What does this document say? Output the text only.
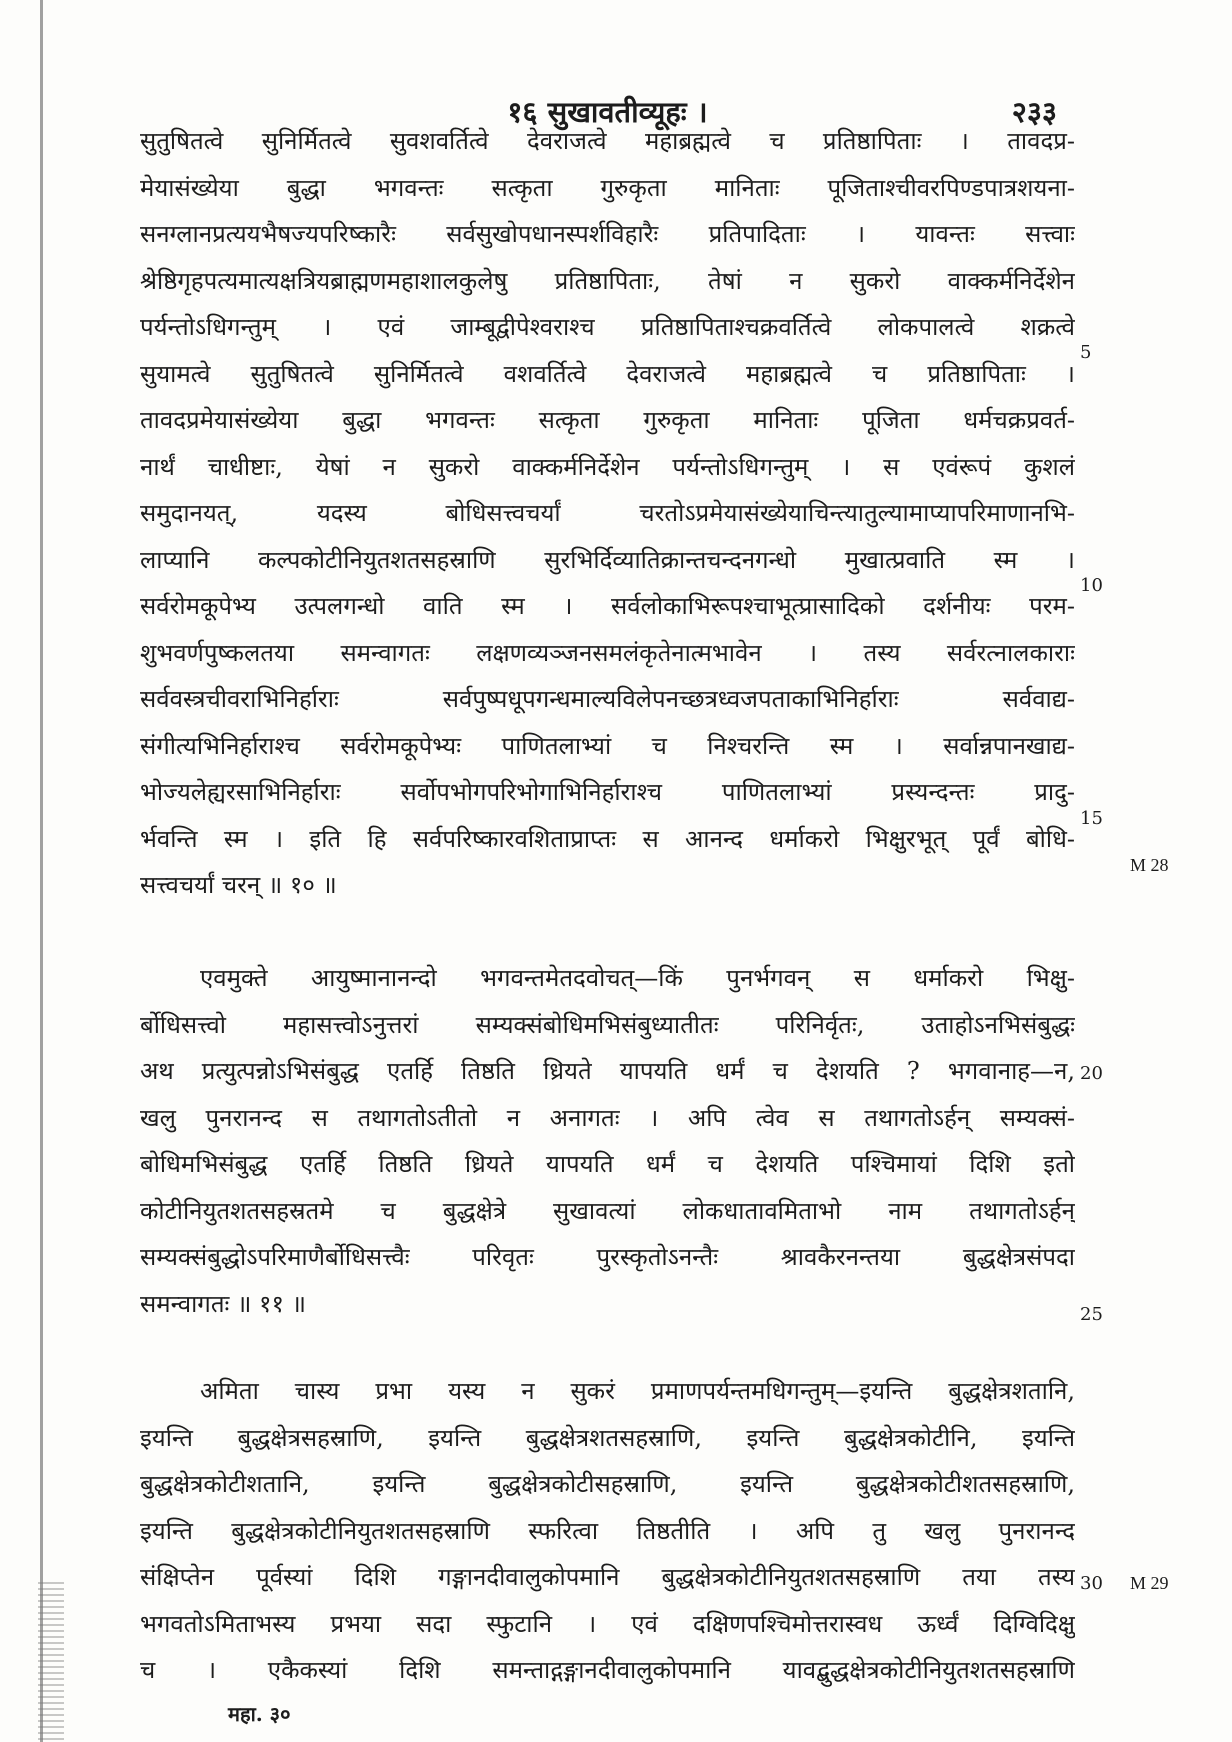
१६ सुखावतीव्यूहः ।	२३३
सुतुषितत्वे सुनिर्मितत्वे सुवशवर्तित्वे देवराजत्वे महाब्रह्मत्वे च प्रतिष्ठापिताः । तावदप्र-
मेयासंख्येया बुद्धा भगवन्तः सत्कृता गुरुकृता मानिताः पूजिताश्चीवरपिण्डपात्रशयना-
सनग्लानप्रत्ययभैषज्यपरिष्कारैः सर्वसुखोपधानस्पर्शविहारैः प्रतिपादिताः । यावन्तः सत्त्वाः
श्रेष्ठिगृहपत्यमात्यक्षत्रियब्राह्मणमहाशालकुलेषु प्रतिष्ठापिताः, तेषां न सुकरो वाक्कर्मनिर्देशेन
पर्यन्तोऽधिगन्तुम् । एवं जाम्बूद्वीपेश्वराश्च प्रतिष्ठापिताश्चक्रवर्तित्वे लोकपालत्वे शक्रत्वे
सुयामत्वे सुतुषितत्वे सुनिर्मितत्वे वशवर्तित्वे देवराजत्वे महाब्रह्मत्वे च प्रतिष्ठापिताः ।
तावदप्रमेयासंख्येया बुद्धा भगवन्तः सत्कृता गुरुकृता मानिताः पूजिता धर्मचक्रप्रवर्त-
नार्थं चाधीष्टाः, येषां न सुकरो वाक्कर्मनिर्देशेन पर्यन्तोऽधिगन्तुम् । स एवंरूपं कुशलं
समुदानयत्, यदस्य बोधिसत्त्वचर्यां चरतोऽप्रमेयासंख्येयाचिन्त्यातुल्यामाप्यापरिमाणानभि-
लाप्यानि कल्पकोटीनियुतशतसहस्राणि सुरभिर्दिव्यातिक्रान्तचन्दनगन्धो मुखात्प्रवाति स्म ।
सर्वरोमकूपेभ्य उत्पलगन्धो वाति स्म । सर्वलोकाभिरूपश्चाभूत्प्रासादिको दर्शनीयः परम-
शुभवर्णपुष्कलतया समन्वागतः लक्षणव्यञ्जनसमलंकृतेनात्मभावेन । तस्य सर्वरत्नालकाराः
सर्ववस्त्रचीवराभिनिर्हाराः सर्वपुष्पधूपगन्धमाल्यविलेपनच्छत्रध्वजपताकाभिनिर्हाराः सर्ववाद्य-
संगीत्यभिनिर्हाराश्च सर्वरोमकूपेभ्यः पाणितलाभ्यां च निश्चरन्ति स्म । सर्वान्नपानखाद्य-
भोज्यलेह्यरसाभिनिर्हाराः सर्वोपभोगपरिभोगाभिनिर्हाराश्च पाणितलाभ्यां प्रस्यन्दन्तः प्रादु-
र्भवन्ति स्म । इति हि सर्वपरिष्कारवशिताप्राप्तः स आनन्द धर्माकरो भिक्षुरभूत् पूर्वं बोधि-
सत्त्वचर्यां चरन् ॥ १० ॥
एवमुक्ते आयुष्मानानन्दो भगवन्तमेतदवोचत्—किं पुनर्भगवन् स धर्माकरो भिक्षु-
र्बोधिसत्त्वो महासत्त्वोऽनुत्तरां सम्यक्संबोधिमभिसंबुध्यातीतः परिनिर्वृतः, उताहोऽनभिसंबुद्धः
अथ प्रत्युत्पन्नोऽभिसंबुद्ध एतर्हि तिष्ठति ध्रियते यापयति धर्मं च देशयति ? भगवानाह—न,
खलु पुनरानन्द स तथागतोऽतीतो न अनागतः । अपि त्वेव स तथागतोऽर्हन् सम्यक्सं-
बोधिमभिसंबुद्ध एतर्हि तिष्ठति ध्रियते यापयति धर्मं च देशयति पश्चिमायां दिशि इतो
कोटीनियुतशतसहस्रतमे च बुद्धक्षेत्रे सुखावत्यां लोकधातावमिताभो नाम तथागतोऽर्हन्
सम्यक्संबुद्धोऽपरिमाणैर्बोधिसत्त्वैः परिवृतः पुरस्कृतोऽनन्तैः श्रावकैरनन्तया बुद्धक्षेत्रसंपदा
समन्वागतः ॥ ११ ॥
अमिता चास्य प्रभा यस्य न सुकरं प्रमाणपर्यन्तमधिगन्तुम्—इयन्ति बुद्धक्षेत्रशतानि,
इयन्ति बुद्धक्षेत्रसहस्राणि, इयन्ति बुद्धक्षेत्रशतसहस्राणि, इयन्ति बुद्धक्षेत्रकोटीनि, इयन्ति
बुद्धक्षेत्रकोटीशतानि, इयन्ति बुद्धक्षेत्रकोटीसहस्राणि, इयन्ति बुद्धक्षेत्रकोटीशतसहस्राणि,
इयन्ति बुद्धक्षेत्रकोटीनियुतशतसहस्राणि स्फरित्वा तिष्ठतीति । अपि तु खलु पुनरानन्द
संक्षिप्तेन पूर्वस्यां दिशि गङ्गानदीवालुकोपमानि बुद्धक्षेत्रकोटीनियुतशतसहस्राणि तया तस्य
भगवतोऽमिताभस्य प्रभया सदा स्फुटानि । एवं दक्षिणपश्चिमोत्तरास्वध ऊर्ध्वं दिग्विदिक्षु
च । एकैकस्यां दिशि समन्ताद्गङ्गानदीवालुकोपमानि यावद्बुद्धक्षेत्रकोटीनियुतशतसहस्राणि
5
10
15
20
25
30
M 28
M 29
महा. ३०
